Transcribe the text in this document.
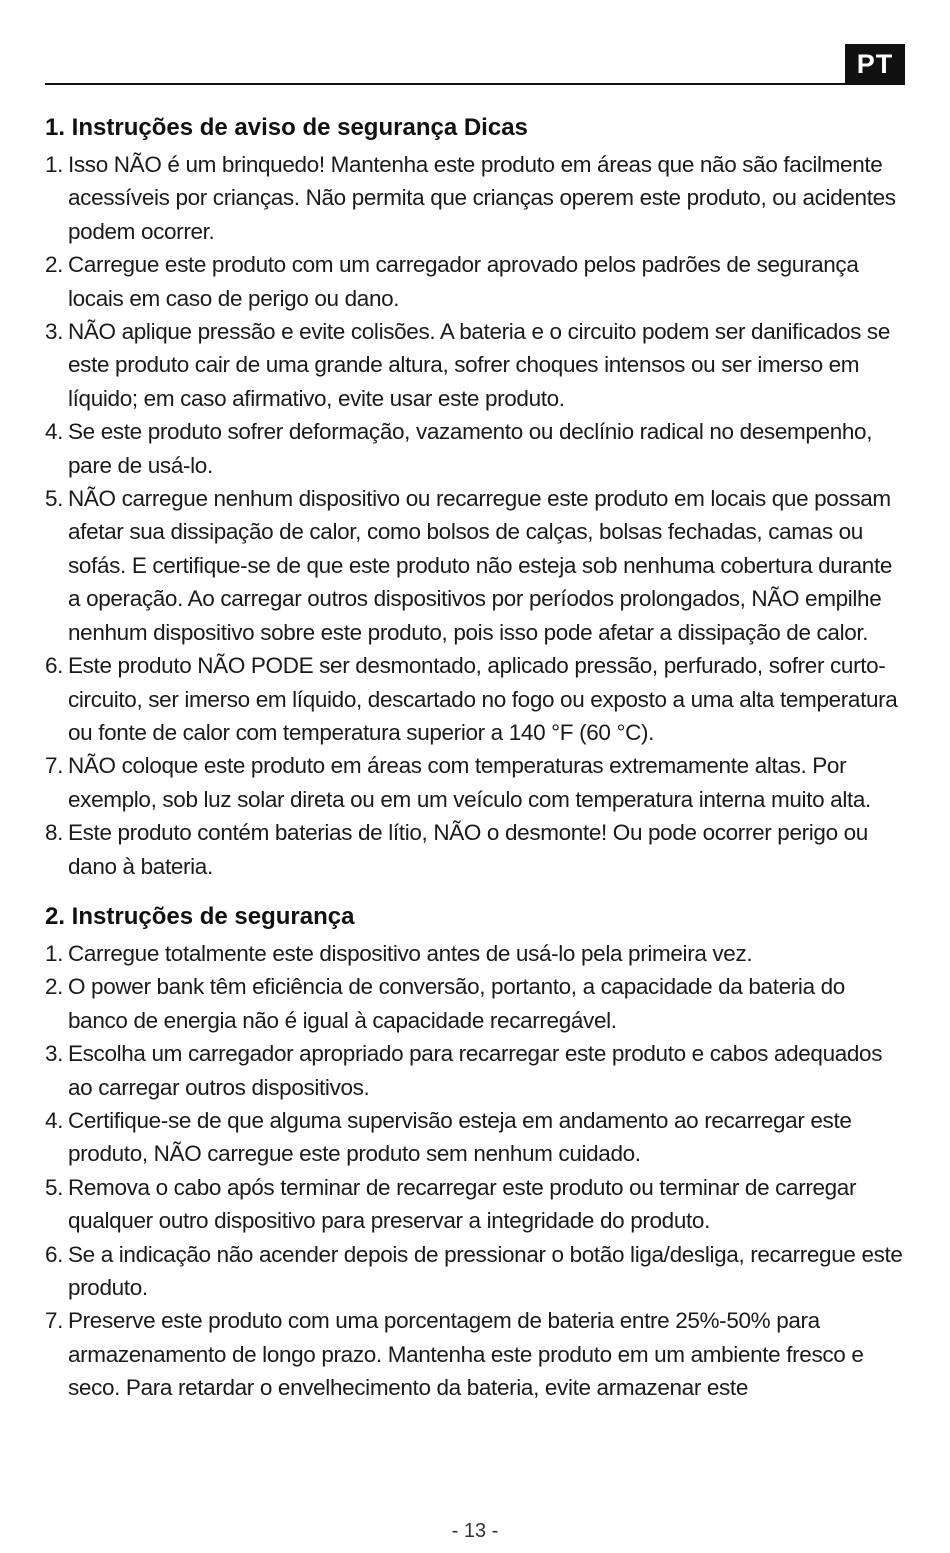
PT
1. Instruções de aviso de segurança Dicas
1. Isso NÃO é um brinquedo! Mantenha este produto em áreas que não são facilmente acessíveis por crianças. Não permita que crianças operem este produto, ou acidentes podem ocorrer.
2. Carregue este produto com um carregador aprovado pelos padrões de segurança locais em caso de perigo ou dano.
3. NÃO aplique pressão e evite colisões. A bateria e o circuito podem ser danificados se este produto cair de uma grande altura, sofrer choques intensos ou ser imerso em líquido; em caso afirmativo, evite usar este produto.
4. Se este produto sofrer deformação, vazamento ou declínio radical no desempenho, pare de usá-lo.
5. NÃO carregue nenhum dispositivo ou recarregue este produto em locais que possam afetar sua dissipação de calor, como bolsos de calças, bolsas fechadas, camas ou sofás. E certifique-se de que este produto não esteja sob nenhuma cobertura durante a operação. Ao carregar outros dispositivos por períodos prolongados, NÃO empilhe nenhum dispositivo sobre este produto, pois isso pode afetar a dissipação de calor.
6. Este produto NÃO PODE ser desmontado, aplicado pressão, perfurado, sofrer curto-circuito, ser imerso em líquido, descartado no fogo ou exposto a uma alta temperatura ou fonte de calor com temperatura superior a 140 °F (60 °C).
7. NÃO coloque este produto em áreas com temperaturas extremamente altas. Por exemplo, sob luz solar direta ou em um veículo com temperatura interna muito alta.
8. Este produto contém baterias de lítio, NÃO o desmonte! Ou pode ocorrer perigo ou dano à bateria.
2. Instruções de segurança
1. Carregue totalmente este dispositivo antes de usá-lo pela primeira vez.
2. O power bank têm eficiência de conversão, portanto, a capacidade da bateria do banco de energia não é igual à capacidade recarregável.
3. Escolha um carregador apropriado para recarregar este produto e cabos adequados ao carregar outros dispositivos.
4. Certifique-se de que alguma supervisão esteja em andamento ao recarregar este produto, NÃO carregue este produto sem nenhum cuidado.
5. Remova o cabo após terminar de recarregar este produto ou terminar de carregar qualquer outro dispositivo para preservar a integridade do produto.
6. Se a indicação não acender depois de pressionar o botão liga/desliga, recarregue este produto.
7. Preserve este produto com uma porcentagem de bateria entre 25%-50% para armazenamento de longo prazo. Mantenha este produto em um ambiente fresco e seco. Para retardar o envelhecimento da bateria, evite armazenar este
- 13 -
